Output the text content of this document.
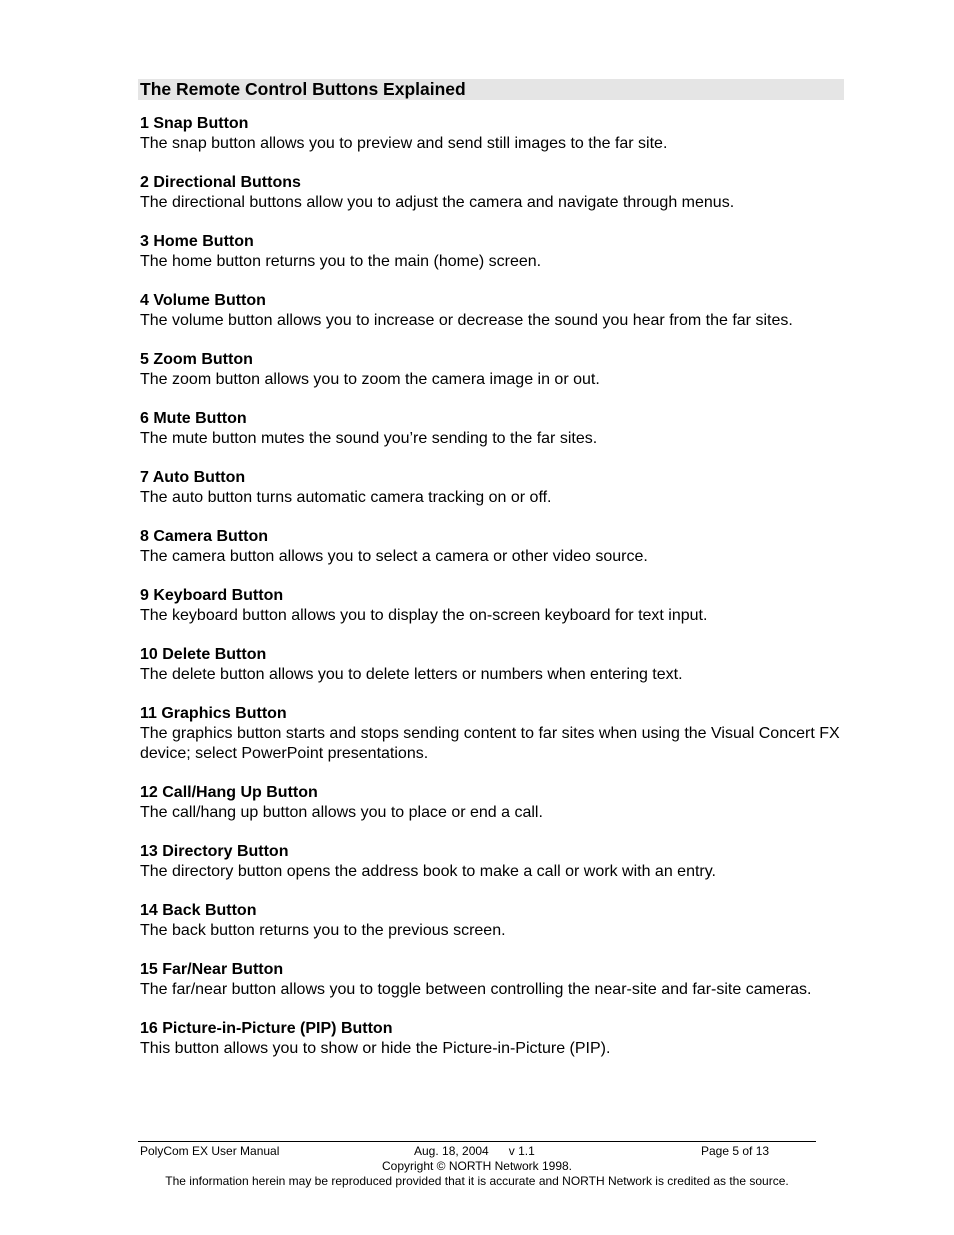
The Remote Control Buttons Explained
1 Snap Button
The snap button allows you to preview and send still images to the far site.
2 Directional Buttons
The directional buttons allow you to adjust the camera and navigate through menus.
3 Home Button
The home button returns you to the main (home) screen.
4 Volume Button
The volume button allows you to increase or decrease the sound you hear from the far sites.
5 Zoom Button
The zoom button allows you to zoom the camera image in or out.
6 Mute Button
The mute button mutes the sound you’re sending to the far sites.
7 Auto Button
The auto button turns automatic camera tracking on or off.
8 Camera Button
The camera button allows you to select a camera or other video source.
9 Keyboard Button
The keyboard button allows you to display the on-screen keyboard for text input.
10 Delete Button
The delete button allows you to delete letters or numbers when entering text.
11 Graphics Button
The graphics button starts and stops sending content to far sites when using the Visual Concert FX device; select PowerPoint presentations.
12 Call/Hang Up Button
The call/hang up button allows you to place or end a call.
13 Directory Button
The directory button opens the address book to make a call or work with an entry.
14 Back Button
The back button returns you to the previous screen.
15 Far/Near Button
The far/near button allows you to toggle between controlling the near-site and far-site cameras.
16 Picture-in-Picture (PIP) Button
This button allows you to show or hide the Picture-in-Picture (PIP).
PolyCom EX User Manual	Aug. 18, 2004      v 1.1	Page 5 of 13
Copyright © NORTH Network 1998.
The information herein may be reproduced provided that it is accurate and NORTH Network is credited as the source.
